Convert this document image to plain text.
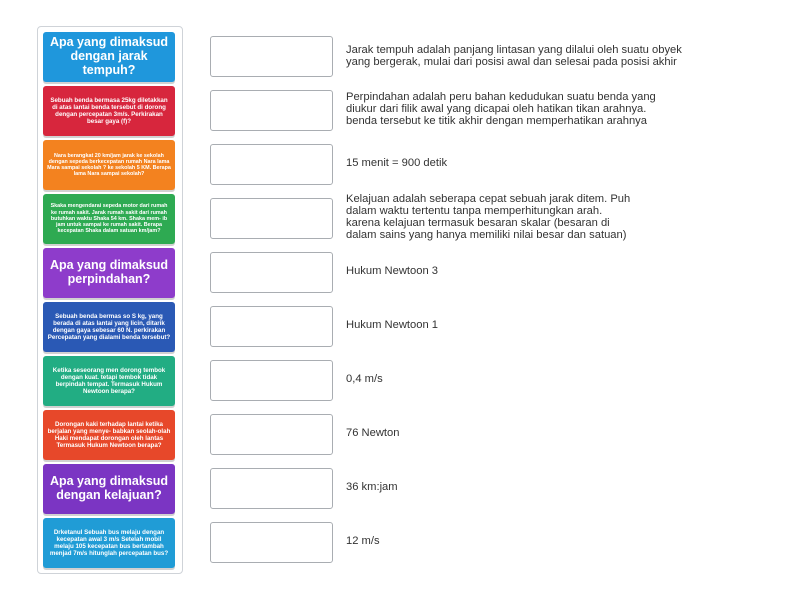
Apa yang dimaksud dengan jarak tempuh?
Sebuah benda bermasa 25kg diletakkan di atas lantai benda tersebut di dorong dengan percepatan 3m/s. Perkirakan besar gaya (f)?
Nara berangkat 20 km/jam jarak ke sekolah dengan sepeda berkecepatan rumah Nara lama Mara sampai sekolah ? ke sekolah 5 KM. Berapa lama Nara sampai sekolah?
Skaka mengendarai sepeda motor dari rumah ke rumah sakit. Jarak rumah sakit dari rumah butuhkan waktu Shaka 54 km. Shaka mem- ib jam untuk sampai ke rumah sakit. Berapa kecepatan Shaka dalam satuan km/jam?
Apa yang dimaksud perpindahan?
Sebuah benda bermas so S kg, yang berada di atas lantai yang licin, ditarik dengan gaya sebesar 60 N. perkirakan Percepatan yang dialami benda tersebut?
Ketika seseorang men dorong tembok dengan kuat. tetapi tembok tidak berpindah tempat. Termasuk Hukum Newtoon berapa?
Dorongan kaki terhadap lantai ketika berjalan yang menye- babkan seolah-olah Haki mendapat dorongan oleh lantas Termasuk Hukum Newtoon berapa?
Apa yang dimaksud dengan kelajuan?
Drketanul Sebuah bus melaju dengan kecepatan awal 3 m/s Setelah mobil melaju 105 kecepatan bus bertambah menjad 7m/s hitunglah percepatan bus?
Jarak tempuh adalah panjang lintasan yang dilalui oleh suatu obyek
yang bergerak, mulai dari posisi awal dan selesai pada posisi akhir
Perpindahan adalah peru bahan kedudukan suatu benda yang
diukur dari filik awal yang dicapai oleh hatikan tikan arahnya.
benda tersebut ke titik akhir dengan memperhatikan arahnya
15 menit = 900 detik
Kelajuan adalah seberapa cepat sebuah jarak ditem. Puh
dalam waktu tertentu tanpa memperhitungkan arah.
karena kelajuan termasuk besaran skalar (besaran di
dalam sains yang hanya memiliki nilai besar dan satuan)
Hukum Newtoon 3
Hukum Newtoon 1
0,4 m/s
76 Newton
36 km:jam
12 m/s
